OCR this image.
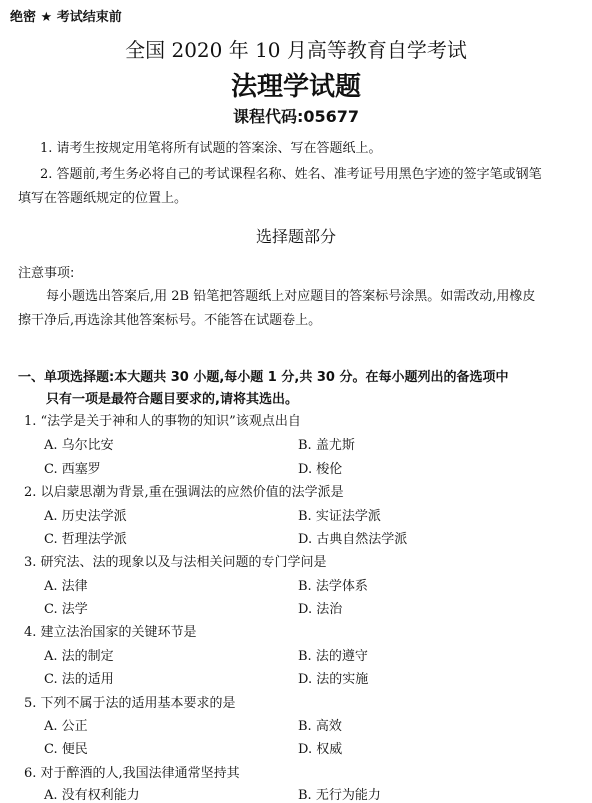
绝密 ★ 考试结束前
全国 2020 年 10 月高等教育自学考试
法理学试题
课程代码:05677
1. 请考生按规定用笔将所有试题的答案涂、写在答题纸上。
2. 答题前,考生务必将自己的考试课程名称、姓名、准考证号用黑色字迹的签字笔或钢笔
填写在答题纸规定的位置上。
选择题部分
注意事项:
每小题选出答案后,用 2B 铅笔把答题纸上对应题目的答案标号涂黑。如需改动,用橡皮
擦干净后,再选涂其他答案标号。不能答在试题卷上。
一、单项选择题:本大题共 30 小题,每小题 1 分,共 30 分。在每小题列出的备选项中
只有一项是最符合题目要求的,请将其选出。
1. “法学是关于神和人的事物的知识”该观点出自
A. 乌尔比安	B. 盖尤斯
C. 西塞罗	D. 梭伦
2. 以启蒙思潮为背景,重在强调法的应然价值的法学派是
A. 历史法学派	B. 实证法学派
C. 哲理法学派	D. 古典自然法学派
3. 研究法、法的现象以及与法相关问题的专门学问是
A. 法律	B. 法学体系
C. 法学	D. 法治
4. 建立法治国家的关键环节是
A. 法的制定	B. 法的遵守
C. 法的适用	D. 法的实施
5. 下列不属于法的适用基本要求的是
A. 公正	B. 高效
C. 便民	D. 权威
6. 对于醉酒的人,我国法律通常坚持其
A. 没有权利能力	B. 无行为能力
